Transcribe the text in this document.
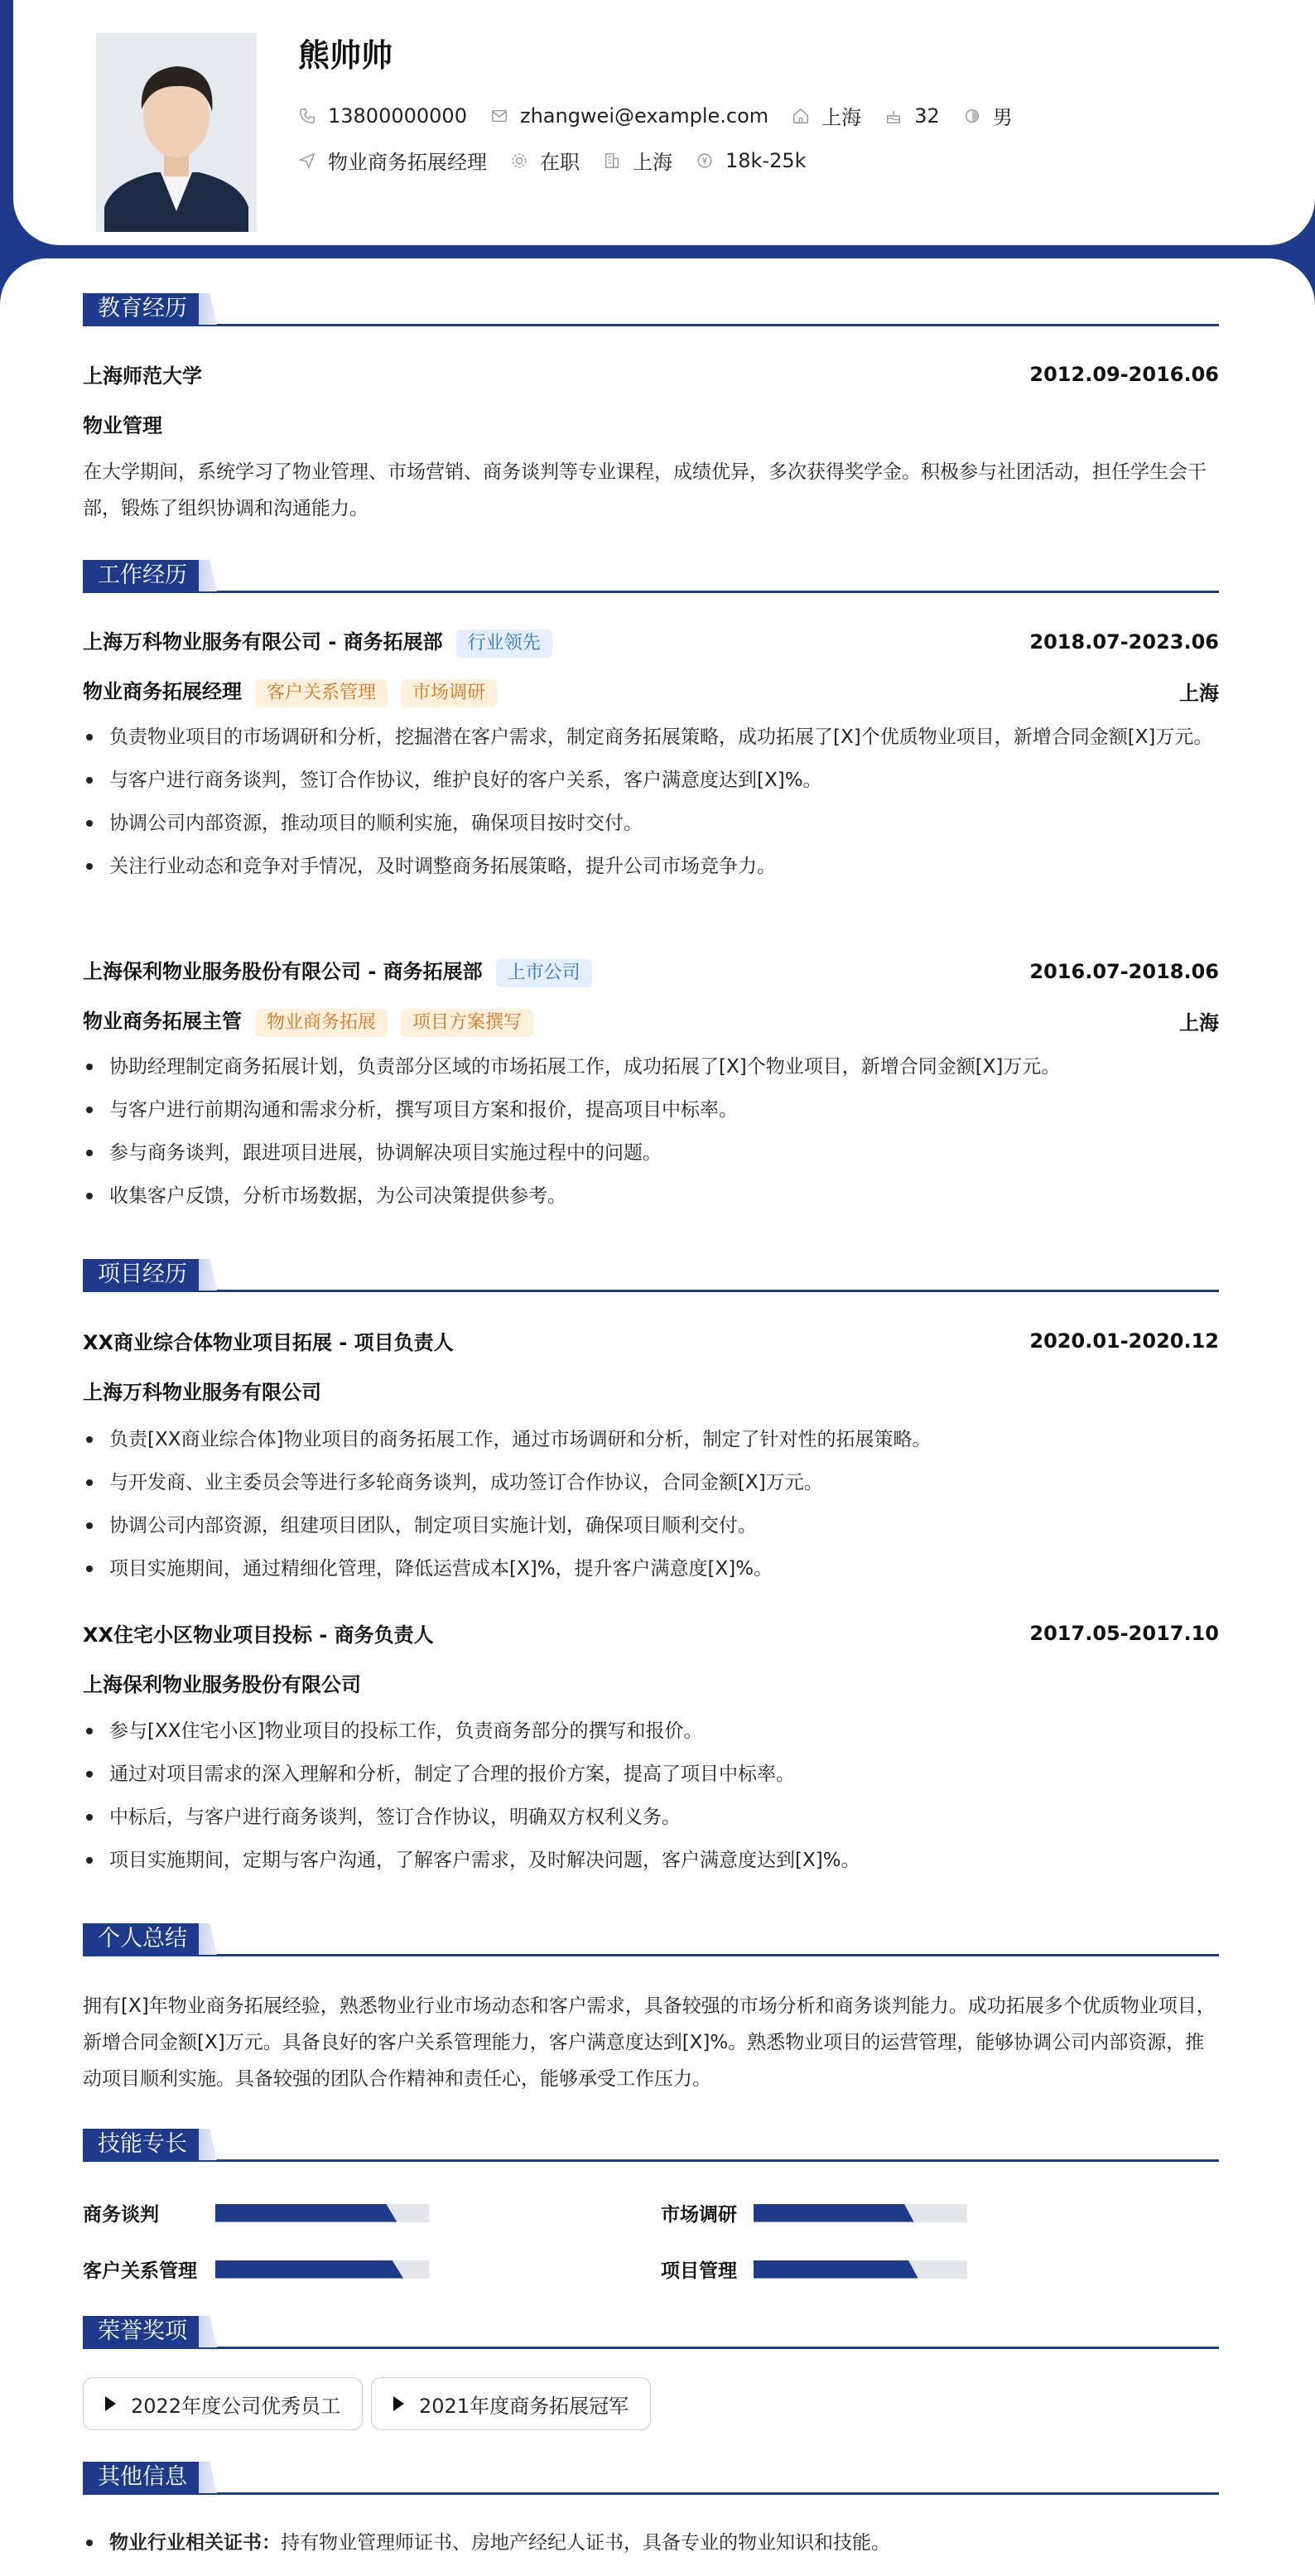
熊帅帅
13800000000	zhangwei@example.com	上海	32	男
物业商务拓展经理	在职	上海	18k-25k
教育经历
上海师范大学	2012.09-2016.06
物业管理
在大学期间，系统学习了物业管理、市场营销、商务谈判等专业课程，成绩优异，多次获得奖学金。积极参与社团活动，担任学生会干部，锻炼了组织协调和沟通能力。
工作经历
上海万科物业服务有限公司 - 商务拓展部 行业领先	2018.07-2023.06
物业商务拓展经理 客户关系管理 市场调研	上海
负责物业项目的市场调研和分析，挖掘潜在客户需求，制定商务拓展策略，成功拓展了[X]个优质物业项目，新增合同金额[X]万元。
与客户进行商务谈判，签订合作协议，维护良好的客户关系，客户满意度达到[X]%。
协调公司内部资源，推动项目的顺利实施，确保项目按时交付。
关注行业动态和竞争对手情况，及时调整商务拓展策略，提升公司市场竞争力。
上海保利物业服务股份有限公司 - 商务拓展部 上市公司	2016.07-2018.06
物业商务拓展主管 物业商务拓展 项目方案撰写	上海
协助经理制定商务拓展计划，负责部分区域的市场拓展工作，成功拓展了[X]个物业项目，新增合同金额[X]万元。
与客户进行前期沟通和需求分析，撰写项目方案和报价，提高项目中标率。
参与商务谈判，跟进项目进展，协调解决项目实施过程中的问题。
收集客户反馈，分析市场数据，为公司决策提供参考。
项目经历
XX商业综合体物业项目拓展 - 项目负责人	2020.01-2020.12
上海万科物业服务有限公司
负责[XX商业综合体]物业项目的商务拓展工作，通过市场调研和分析，制定了针对性的拓展策略。
与开发商、业主委员会等进行多轮商务谈判，成功签订合作协议，合同金额[X]万元。
协调公司内部资源，组建项目团队，制定项目实施计划，确保项目顺利交付。
项目实施期间，通过精细化管理，降低运营成本[X]%，提升客户满意度[X]%。
XX住宅小区物业项目投标 - 商务负责人	2017.05-2017.10
上海保利物业服务股份有限公司
参与[XX住宅小区]物业项目的投标工作，负责商务部分的撰写和报价。
通过对项目需求的深入理解和分析，制定了合理的报价方案，提高了项目中标率。
中标后，与客户进行商务谈判，签订合作协议，明确双方权利义务。
项目实施期间，定期与客户沟通，了解客户需求，及时解决问题，客户满意度达到[X]%。
个人总结
拥有[X]年物业商务拓展经验，熟悉物业行业市场动态和客户需求，具备较强的市场分析和商务谈判能力。成功拓展多个优质物业项目，新增合同金额[X]万元。具备良好的客户关系管理能力，客户满意度达到[X]%。熟悉物业项目的运营管理，能够协调公司内部资源，推动项目顺利实施。具备较强的团队合作精神和责任心，能够承受工作压力。
技能专长
商务谈判	市场调研
客户关系管理	项目管理
荣誉奖项
2022年度公司优秀员工	2021年度商务拓展冠军
其他信息
物业行业相关证书：持有物业管理师证书、房地产经纪人证书，具备专业的物业知识和技能。
